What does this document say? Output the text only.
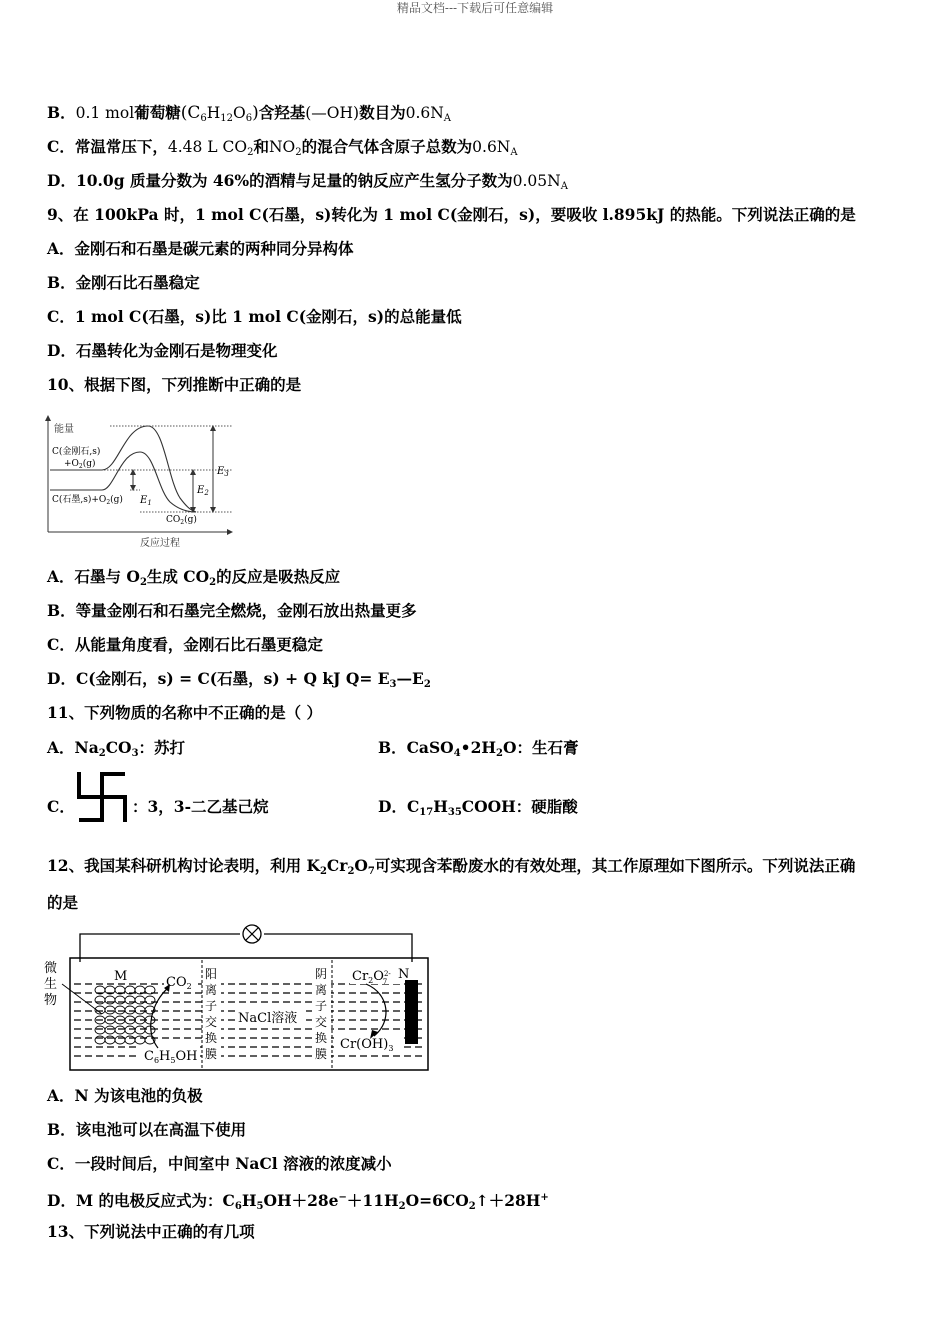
精品文档---下载后可任意编辑
B．0.1 mol葡萄糖$(C_6H_{12}O_6)$含羟基(—OH)数目为$0.6N_A$
C．常温常压下，4.48 L $CO_2$和$NO_2$的混合气体含原子总数为$0.6N_A$
D．10.0g 质量分数为 46%的酒精与足量的钠反应产生氢分子数为$0.05N_A$
9、在 100kPa 时，1 mol C(石墨，s)转化为 1 mol C(金刚石，s)，要吸收 l.895kJ 的热能。下列说法正确的是
A．金刚石和石墨是碳元素的两种同分异构体
B．金刚石比石墨稳定
C．1 mol C(石墨，s)比 1 mol C(金刚石，s)的总能量低
D．石墨转化为金刚石是物理变化
10、根据下图，下列推断中正确的是
能量
反应过程
$E_1$
$E_2$
$E_3$
C(金刚石,s)
$+O_2(g)$
C(石墨$,s)+O_2(g)$
$CO_2(g)$
A．石墨与 $O_2$生成 $CO_2$的反应是吸热反应
B．等量金刚石和石墨完全燃烧，金刚石放出热量更多
C．从能量角度看，金刚石比石墨更稳定
D．C(金刚石，s) = C(石墨，s) + Q kJ $Q= E_3—E_2$
11、下列物质的名称中不正确的是（ ）
A．$Na_2CO_3$：苏打	B．$CaSO_4•2H_2O$：生石膏
C．	：3，3-二乙基己烷	D．$C_{17}H_{35}COOH$：硬脂酸
12、我国某科研机构讨论表明，利用 $K_2Cr_2O_7$可实现含苯酚废水的有效处理，其工作原理如下图所示。下列说法正确
的是
微
生
物
M	N
$CO_2$
$C_6H_5OH$
NaCl溶液
$Cr_2O^{2-}7$
$Cr(OH)_3$
阳
离
子
交
换
膜
阴
离
子
交
换
膜
A．N 为该电池的负极
B．该电池可以在高温下使用
C．一段时间后，中间室中 NaCl 溶液的浓度减小
D．M 的电极反应式为：$C_6H_5OH+28e^-+11H_2O=6CO_2↑+28H^+$
13、下列说法中正确的有几项
